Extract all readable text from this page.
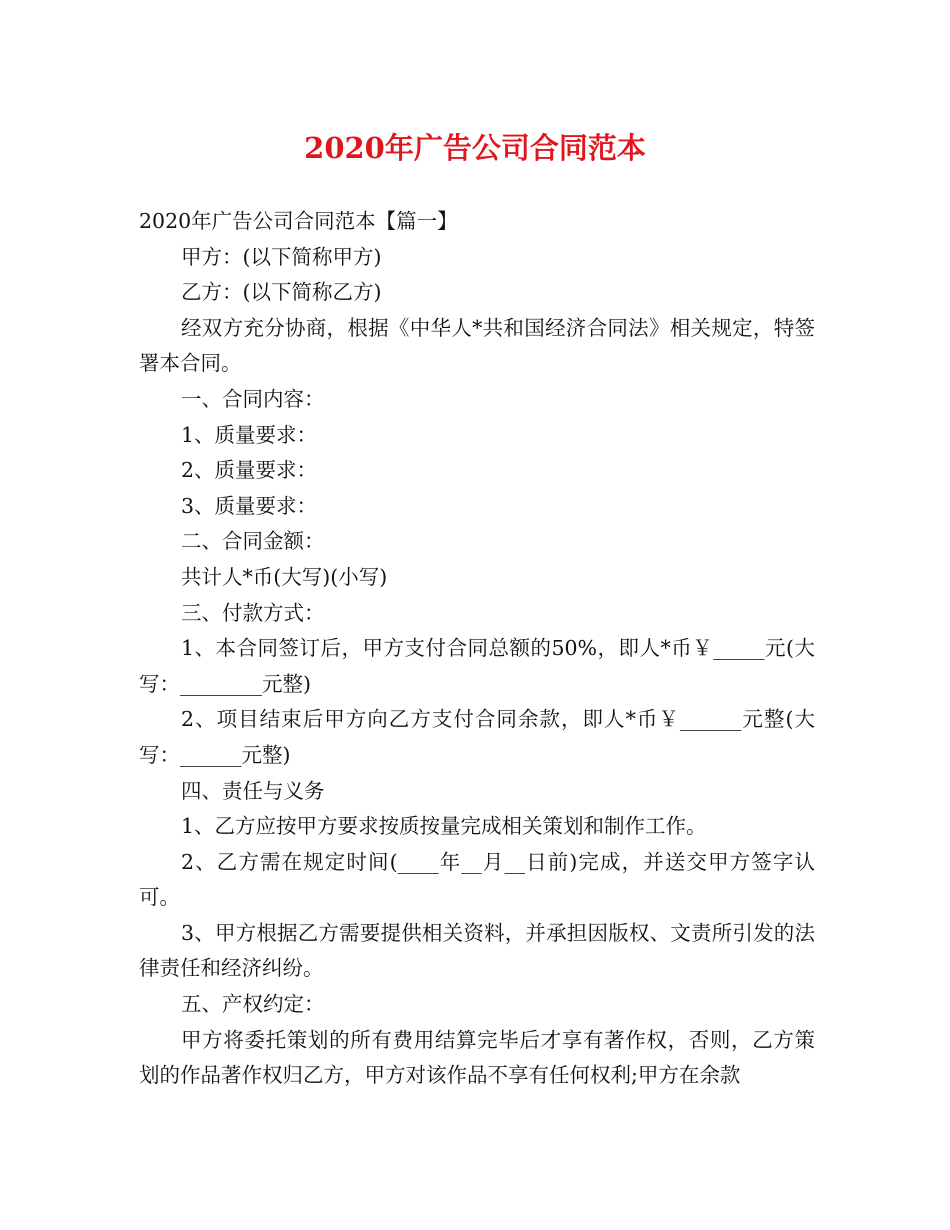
2020年广告公司合同范本

2020年广告公司合同范本【篇一】

甲方：(以下简称甲方)

乙方：(以下简称乙方)

经双方充分协商，根据《中华人*共和国经济合同法》相关规定，特签署本合同。

一、合同内容：

1、质量要求：

2、质量要求：

3、质量要求：

二、合同金额：

共计人*币(大写)(小写)

三、付款方式：

1、本合同签订后，甲方支付合同总额的50%，即人*币￥_____元(大写：________元整)

2、项目结束后甲方向乙方支付合同余款，即人*币￥______元整(大写：______元整)

四、责任与义务

1、乙方应按甲方要求按质按量完成相关策划和制作工作。

2、乙方需在规定时间(____年__月__日前)完成，并送交甲方签字认可。

3、甲方根据乙方需要提供相关资料，并承担因版权、文责所引发的法律责任和经济纠纷。

五、产权约定：

甲方将委托策划的所有费用结算完毕后才享有著作权，否则，乙方策划的作品著作权归乙方，甲方对该作品不享有任何权利;甲方在余款
